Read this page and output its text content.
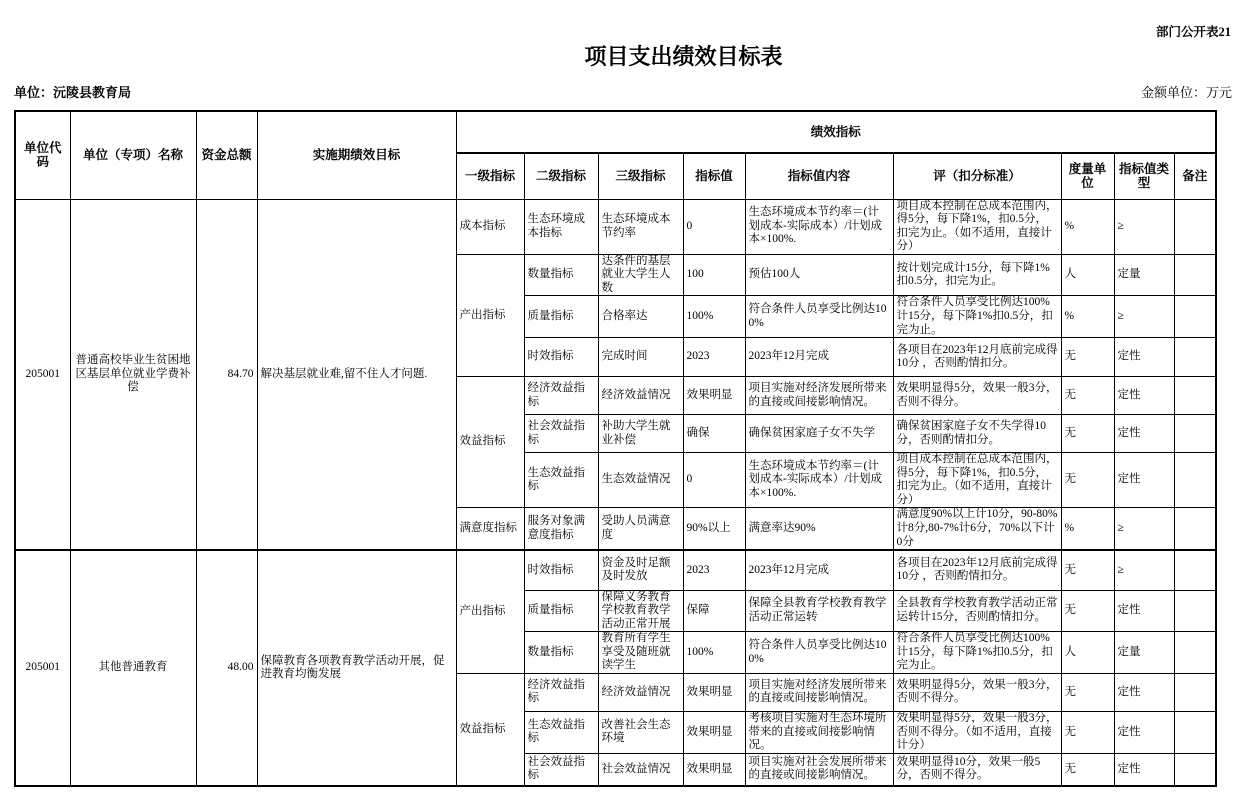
部门公开表21
项目支出绩效目标表
单位：沅陵县教育局	金额单位：万元
单位代码	单位（专项）名称	资金总额	实施期绩效目标	绩效指标								
				一级指标	二级指标	三级指标	指标值	指标值内容	评（扣分标准）	度量单位	指标值类型	备注
205001	普通高校毕业生贫困地区基层单位就业学费补偿	84.70	解决基层就业难,留不住人才问题.	成本指标	生态环境成本指标	生态环境成本节约率	0	生态环境成本节约率＝(计划成本-实际成本）/计划成本×100%.	项目成本控制在总成本范围内，得5分，每下降1%，扣0.5分，扣完为止。（如不适用，直接计分）	%	≥	
				产出指标	数量指标	达条件的基层就业大学生人数	100	预估100人	按计划完成计15分，每下降1%扣0.5分，扣完为止。	人	定量	
					质量指标	合格率达	100%	符合条件人员享受比例达100%	符合条件人员享受比例达100%计15分，每下降1%扣0.5分，扣完为止。	%	≥	
					时效指标	完成时间	2023	2023年12月完成	各项目在2023年12月底前完成得10分 ，否则酌情扣分。	无	定性	
				效益指标	经济效益指标	经济效益情况	效果明显	项目实施对经济发展所带来的直接或间接影响情况。	效果明显得5分，效果一般3分，否则不得分。	无	定性	
					社会效益指标	补助大学生就业补偿	确保	确保贫困家庭子女不失学	确保贫困家庭子女不失学得10分，否则酌情扣分。	无	定性	
					生态效益指标	生态效益情况	0	生态环境成本节约率＝(计划成本-实际成本）/计划成本×100%.	项目成本控制在总成本范围内，得5分，每下降1%，扣0.5分，扣完为止。（如不适用，直接计分）	无	定性	
				满意度指标	服务对象满意度指标	受助人员满意度	90%以上	满意率达90%	满意度90%以上计10分，90-80%计8分,80-7%计6分，70%以下计0分	%	≥	
205001	其他普通教育	48.00	保障教育各项教育教学活动开展，促进教育均衡发展	产出指标	时效指标	资金及时足额及时发放	2023	2023年12月完成	各项目在2023年12月底前完成得10分 ，否则酌情扣分。	无	≥	
					质量指标	保障义务教育学校教育教学活动正常开展	保障	保障全县教育学校教育教学活动正常运转	全县教育学校教育教学活动正常运转计15分，否则酌情扣分。	无	定性	
					数量指标	教育所有学生享受及随班就读学生	100%	符合条件人员享受比例达100%	符合条件人员享受比例达100%计15分，每下降1%扣0.5分，扣完为止。	人	定量	
				效益指标	经济效益指标	经济效益情况	效果明显	项目实施对经济发展所带来的直接或间接影响情况。	效果明显得5分，效果一般3分，否则不得分。	无	定性	
					生态效益指标	改善社会生态环境	效果明显	考核项目实施对生态环境所带来的直接或间接影响情况。	效果明显得5分，效果一般3分，否则不得分。（如不适用，直接计分）	无	定性	
					社会效益指标	社会效益情况	效果明显	项目实施对社会发展所带来的直接或间接影响情况。	效果明显得10分，效果一般5分，否则不得分。	无	定性	
